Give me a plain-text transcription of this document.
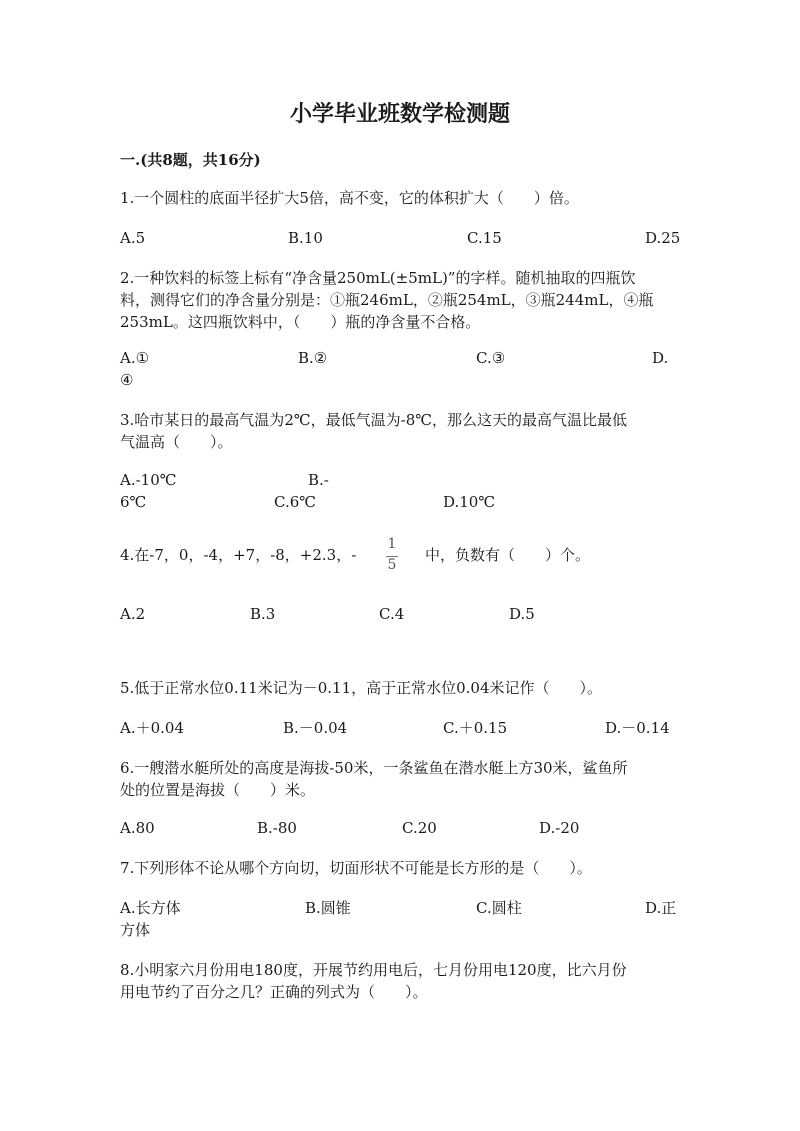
小学毕业班数学检测题
一.(共8题，共16分)
1.一个圆柱的底面半径扩大5倍，高不变，它的体积扩大（　　）倍。
A.5	B.10	C.15	D.25
2.一种饮料的标签上标有“净含量250mL(±5mL)”的字样。随机抽取的四瓶饮
料，测得它们的净含量分别是：①瓶246mL，②瓶254mL，③瓶244mL，④瓶
253mL。这四瓶饮料中，（　　）瓶的净含量不合格。
A.①	B.②	C.③	D.
④
3.哈市某日的最高气温为2℃，最低气温为-8℃，那么这天的最高气温比最低
气温高（　　）。
A.-10℃	B.-
6℃	C.6℃	D.10℃
4.在-7，0，-4，+7，-8，+2.3，-
1
5
中，负数有（　　）个。
A.2	B.3	C.4	D.5
5.低于正常水位0.11米记为－0.11，高于正常水位0.04米记作（　　）。
A.＋0.04	B.－0.04	C.＋0.15	D.－0.14
6.一艘潜水艇所处的高度是海拔-50米，一条鲨鱼在潜水艇上方30米，鲨鱼所
处的位置是海拔（　　）米。
A.80	B.-80	C.20	D.-20
7.下列形体不论从哪个方向切，切面形状不可能是长方形的是（　　）。
A.长方体	B.圆锥	C.圆柱	D.正
方体
8.小明家六月份用电180度，开展节约用电后，七月份用电120度，比六月份
用电节约了百分之几？正确的列式为（　　）。
